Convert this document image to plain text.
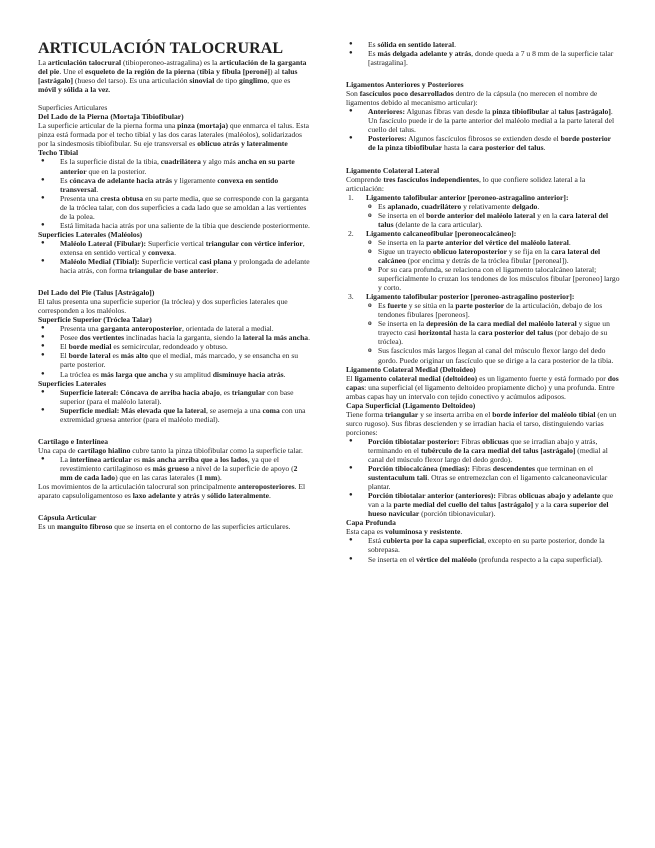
ARTICULACIÓN TALOCRURAL

La articulación talocrural (tibioperoneo-astragalina) es la articulación de la garganta del pie. Une el esqueleto de la región de la pierna (tibia y fíbula [peroné]) al talus [astrágalo] (hueso del tarso). Es una articulación sinovial de tipo gínglimo, que es móvil y sólida a la vez.

Superficies Articulares

Del Lado de la Pierna (Mortaja Tibiofibular)

La superficie articular de la pierna forma una pinza (mortaja) que enmarca el talus. Esta pinza está formada por el techo tibial y las dos caras laterales (maléolos), solidarizados por la sindesmosis tibiofibular. Su eje transversal es oblicuo atrás y lateralmente

Techo Tibial

● Es la superficie distal de la tibia, cuadrilátera y algo más ancha en su parte anterior que en la posterior.
● Es cóncava de adelante hacia atrás y ligeramente convexa en sentido transversal.
● Presenta una cresta obtusa en su parte media, que se corresponde con la garganta de la tróclea talar, con dos superficies a cada lado que se amoldan a las vertientes de la polea.
● Está limitada hacia atrás por una saliente de la tibia que desciende posteriormente.

Superficies Laterales (Maléolos)

● Maléolo Lateral (Fibular): Superficie vertical triangular con vértice inferior, extensa en sentido vertical y convexa.
● Maléolo Medial (Tibial): Superficie vertical casi plana y prolongada de adelante hacia atrás, con forma triangular de base anterior.

Del Lado del Pie (Talus [Astrágalo])

El talus presenta una superficie superior (la tróclea) y dos superficies laterales que corresponden a los maléolos.

Superficie Superior (Tróclea Talar)

● Presenta una garganta anteroposterior, orientada de lateral a medial.
● Posee dos vertientes inclinadas hacia la garganta, siendo la lateral la más ancha.
● El borde medial es semicircular, redondeado y obtuso.
● El borde lateral es más alto que el medial, más marcado, y se ensancha en su parte posterior.
● La tróclea es más larga que ancha y su amplitud disminuye hacia atrás.

Superficies Laterales

● Superficie lateral: Cóncava de arriba hacia abajo, es triangular con base superior (para el maléolo lateral).
● Superficie medial: Más elevada que la lateral, se asemeja a una coma con una extremidad gruesa anterior (para el maléolo medial).

Cartílago e Interlínea

Una capa de cartílago hialino cubre tanto la pinza tibiofibular como la superficie talar.

● La interlínea articular es más ancha arriba que a los lados, ya que el revestimiento cartilaginoso es más grueso a nivel de la superficie de apoyo (2 mm de cada lado) que en las caras laterales (1 mm).

Los movimientos de la articulación talocrural son principalmente anteroposteriores. El aparato capsuloligamentoso es laxo adelante y atrás y sólido lateralmente.

Cápsula Articular

Es un manguito fibroso que se inserta en el contorno de las superficies articulares.

● Es sólida en sentido lateral.
● Es más delgada adelante y atrás, donde queda a 7 u 8 mm de la superficie talar [astragalina].

Ligamentos Anteriores y Posteriores

Son fascículos poco desarrollados dentro de la cápsula (no merecen el nombre de ligamentos debido al mecanismo articular):

● Anteriores: Algunas fibras van desde la pinza tibiofibular al talus [astrágalo]. Un fascículo puede ir de la parte anterior del maléolo medial a la parte lateral del cuello del talus.
● Posteriores: Algunos fascículos fibrosos se extienden desde el borde posterior de la pinza tibiofibular hasta la cara posterior del talus.

Ligamento Colateral Lateral

Comprende tres fascículos independientes, lo que confiere solidez lateral a la articulación:

1. Ligamento talofibular anterior [peroneo-astragalino anterior]:
o Es aplanado, cuadrilátero y relativamente delgado.
o Se inserta en el borde anterior del maléolo lateral y en la cara lateral del talus (delante de la cara articular).
2. Ligamento calcaneofibular [peroneocalcáneo]:
o Se inserta en la parte anterior del vértice del maléolo lateral.
o Sigue un trayecto oblicuo lateroposterior y se fija en la cara lateral del calcáneo (por encima y detrás de la tróclea fibular [peroneal]).
o Por su cara profunda, se relaciona con el ligamento talocalcáneo lateral; superficialmente lo cruzan los tendones de los músculos fibular [peroneo] largo y corto.
3. Ligamento talofibular posterior [peroneo-astragalino posterior]:
o Es fuerte y se sitúa en la parte posterior de la articulación, debajo de los tendones fibulares [peroneos].
o Se inserta en la depresión de la cara medial del maléolo lateral y sigue un trayecto casi horizontal hasta la cara posterior del talus (por debajo de su tróclea).
o Sus fascículos más largos llegan al canal del músculo flexor largo del dedo gordo. Puede originar un fascículo que se dirige a la cara posterior de la tibia.

Ligamento Colateral Medial (Deltoideo)

El ligamento colateral medial (deltoideo) es un ligamento fuerte y está formado por dos capas: una superficial (el ligamento deltoideo propiamente dicho) y una profunda. Entre ambas capas hay un intervalo con tejido conectivo y acúmulos adiposos.

Capa Superficial (Ligamento Deltoideo)

Tiene forma triangular y se inserta arriba en el borde inferior del maléolo tibial (en un surco rugoso). Sus fibras descienden y se irradian hacia el tarso, distinguiendo varias porciones:

● Porción tibiotalar posterior: Fibras oblicuas que se irradian abajo y atrás, terminando en el tubérculo de la cara medial del talus [astrágalo] (medial al canal del músculo flexor largo del dedo gordo).
● Porción tibiocalcánea (medias): Fibras descendentes que terminan en el sustentaculum tali. Otras se entremezclan con el ligamento calcaneonavicular plantar.
● Porción tibiotalar anterior (anteriores): Fibras oblicuas abajo y adelante que van a la parte medial del cuello del talus [astrágalo] y a la cara superior del hueso navicular (porción tibionavicular).

Capa Profunda

Esta capa es voluminosa y resistente.

● Está cubierta por la capa superficial, excepto en su parte posterior, donde la sobrepasa.
● Se inserta en el vértice del maléolo (profunda respecto a la capa superficial).
